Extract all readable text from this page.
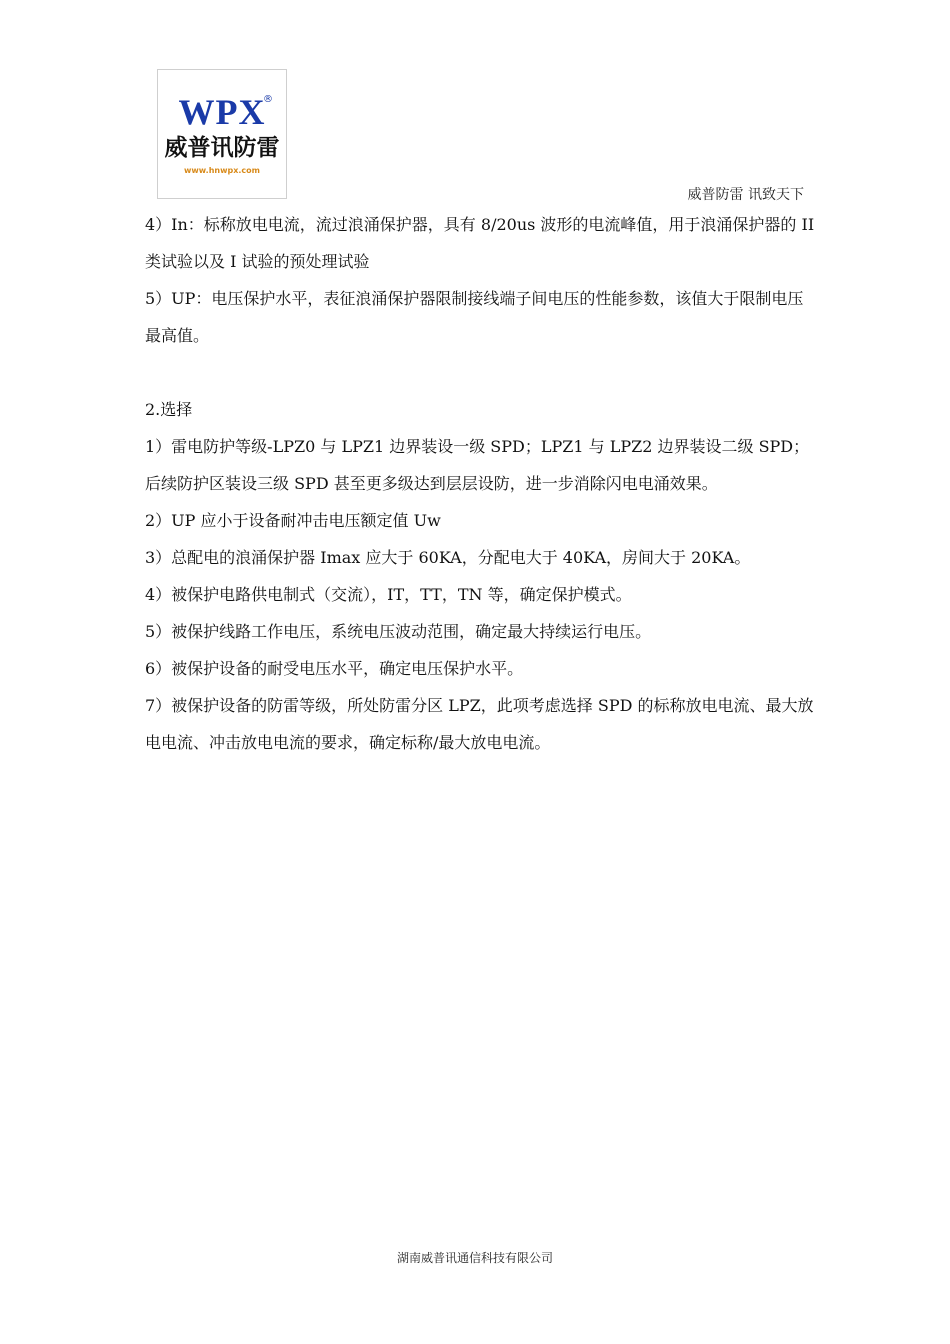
WPX
®
威普讯防雷
www.hnwpx.com
威普防雷 讯致天下

4）In：标称放电电流，流过浪涌保护器，具有 8/20us 波形的电流峰值，用于浪涌保护器的 II 类试验以及 I 试验的预处理试验

5）UP：电压保护水平，表征浪涌保护器限制接线端子间电压的性能参数，该值大于限制电压最高值。

2.选择

1）雷电防护等级-LPZ0 与 LPZ1 边界装设一级 SPD；LPZ1 与 LPZ2 边界装设二级 SPD；后续防护区装设三级 SPD 甚至更多级达到层层设防，进一步消除闪电电涌效果。

2）UP 应小于设备耐冲击电压额定值 Uw

3）总配电的浪涌保护器 Imax 应大于 60KA，分配电大于 40KA，房间大于 20KA。

4）被保护电路供电制式（交流），IT，TT，TN 等，确定保护模式。

5）被保护线路工作电压，系统电压波动范围，确定最大持续运行电压。

6）被保护设备的耐受电压水平，确定电压保护水平。

7）被保护设备的防雷等级，所处防雷分区 LPZ，此项考虑选择 SPD 的标称放电电流、最大放电电流、冲击放电电流的要求，确定标称/最大放电电流。

湖南威普讯通信科技有限公司
